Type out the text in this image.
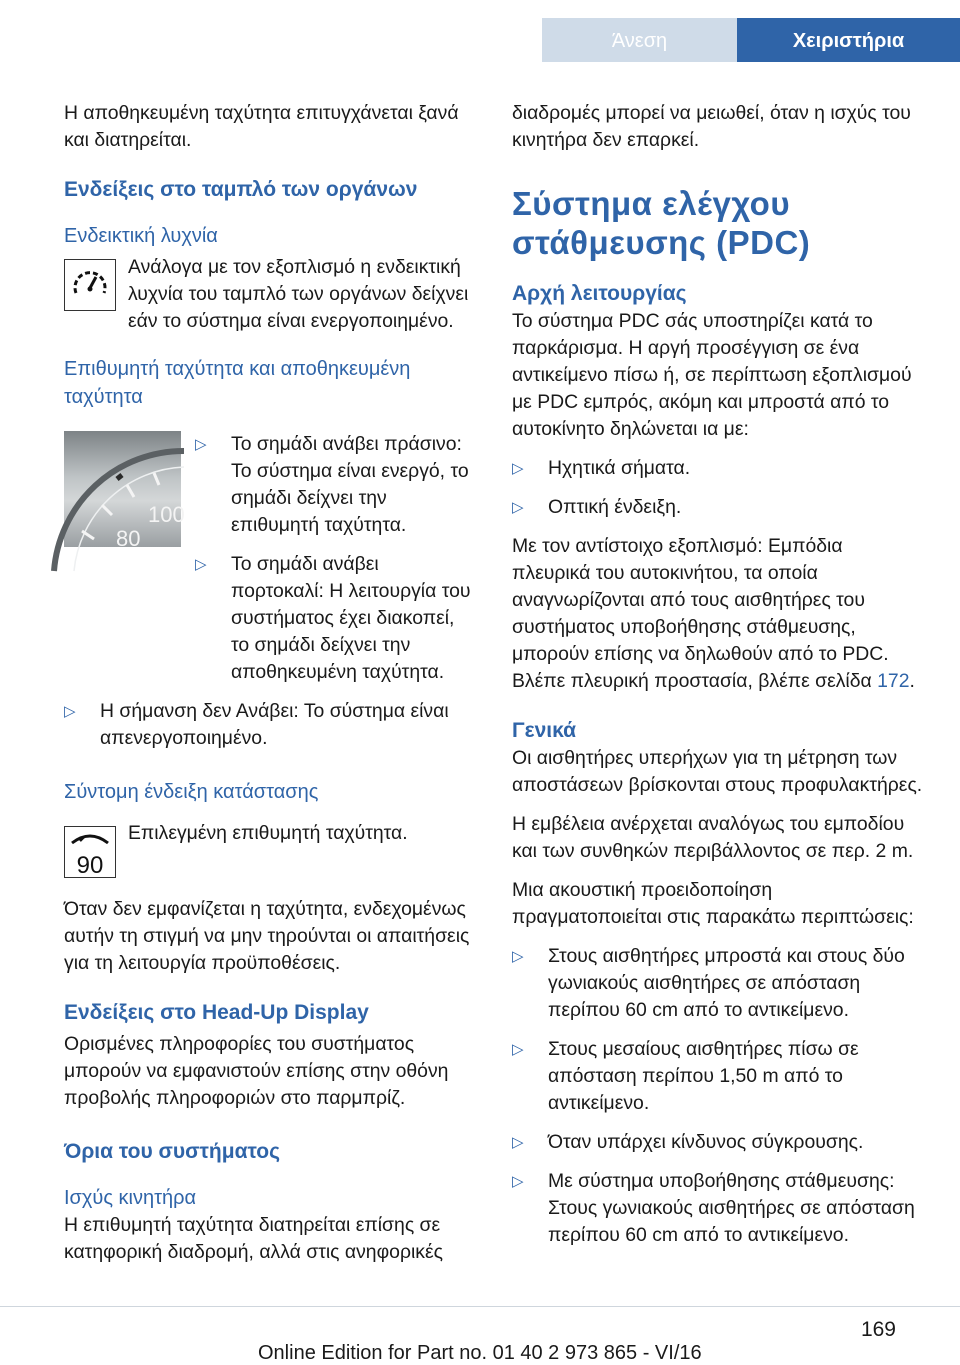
Άνεση οδήγησης
Χειριστήρια

Η αποθηκευμένη ταχύτητα επιτυγχάνεται ξανά και διατηρείται.

Ενδείξεις στο ταμπλό των οργάνων
Ενδεικτική λυχνία

Ανάλογα με τον εξοπλισμό η ενδεικτική λυχνία του ταμπλό των οργάνων δείχνει εάν το σύστημα είναι ενεργοποιημένο.

Επιθυμητή ταχύτητα και αποθηκευμένη ταχύτητα
100
80
▷ Το σημάδι ανάβει πράσινο: Το σύστημα είναι ενεργό, το σημάδι δείχνει την επιθυμητή ταχύτητα.
▷ Το σημάδι ανάβει πορτοκαλί: Η λειτουργία του συστήματος έχει διακοπεί, το σημάδι δείχνει την αποθηκευμένη ταχύτητα.
▷ Η σήμανση δεν Ανάβει: Το σύστημα είναι απενεργοποιημένο.
Σύντομη ένδειξη κατάστασης
90

Επιλεγμένη επιθυμητή ταχύτητα.

Όταν δεν εμφανίζεται η ταχύτητα, ενδεχομένως αυτήν τη στιγμή να μην τηρούνται οι απαιτήσεις για τη λειτουργία προϋποθέσεις.

Ενδείξεις στο Head-Up Display

Ορισμένες πληροφορίες του συστήματος μπορούν να εμφανιστούν επίσης στην οθόνη προβολής πληροφοριών στο παρμπρίζ.

Όρια του συστήματος
Ισχύς κινητήρα

Η επιθυμητή ταχύτητα διατηρείται επίσης σε κατηφορική διαδρομή, αλλά στις ανηφορικές

διαδρομές μπορεί να μειωθεί, όταν η ισχύς του κινητήρα δεν επαρκεί.

Σύστημα ελέγχου στάθμευσης (PDC)
Αρχή λειτουργίας

Το σύστημα PDC σάς υποστηρίζει κατά το παρκάρισμα. Η αργή προσέγγιση σε ένα αντικείμενο πίσω ή, σε περίπτωση εξοπλισμού με PDC εμπρός, ακόμη και μπροστά από το αυτοκίνητο δηλώνεται ια με:

▷ Ηχητικά σήματα.
▷ Οπτική ένδειξη.

Με τον αντίστοιχο εξοπλισμό: Εμπόδια πλευρικά του αυτοκινήτου, τα οποία αναγνωρίζονται από τους αισθητήρες του συστήματος υποβοήθησης στάθμευσης, μπορούν επίσης να δηλωθούν από το PDC. Βλέπε πλευρική προστασία, βλέπε σελίδα 172.

Γενικά

Οι αισθητήρες υπερήχων για τη μέτρηση των αποστάσεων βρίσκονται στους προφυλακτήρες.

Η εμβέλεια ανέρχεται αναλόγως του εμποδίου και των συνθηκών περιβάλλοντος σε περ. 2 m.

Μια ακουστική προειδοποίηση πραγματοποιείται στις παρακάτω περιπτώσεις:

▷ Στους αισθητήρες μπροστά και στους δύο γωνιακούς αισθητήρες σε απόσταση περίπου 60 cm από το αντικείμενο.
▷ Στους μεσαίους αισθητήρες πίσω σε απόσταση περίπου 1,50 m από το αντικείμενο.
▷ Όταν υπάρχει κίνδυνος σύγκρουσης.
▷ Με σύστημα υποβοήθησης στάθμευσης: Στους γωνιακούς αισθητήρες σε απόσταση περίπου 60 cm από το αντικείμενο.
169
Online Edition for Part no. 01 40 2 973 865 - VI/16
